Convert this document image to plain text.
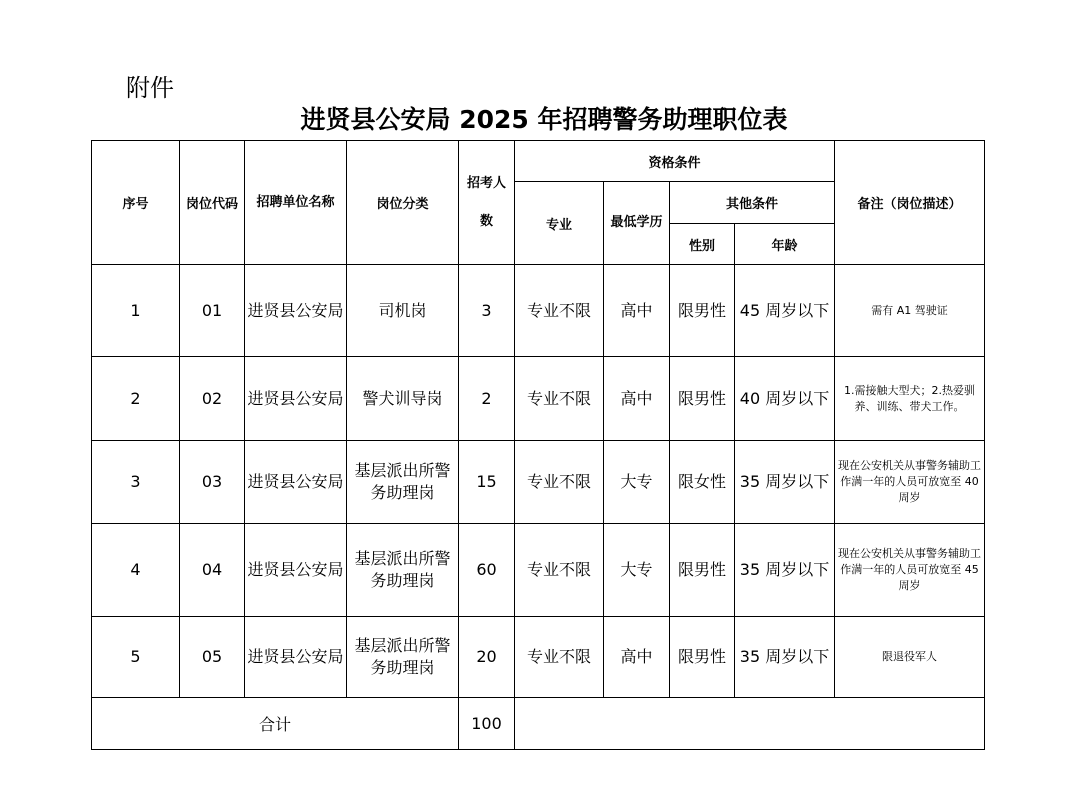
附件
进贤县公安局 2025 年招聘警务助理职位表
序号	岗位代码	招聘单位名称	岗位分类	招考人数	资格条件				备注（岗位描述）
					专业	最低学历	其他条件		
							性别	年龄	
1	01	进贤县公安局	司机岗	3	专业不限	高中	限男性	45 周岁以下	需有 A1 驾驶证
2	02	进贤县公安局	警犬训导岗	2	专业不限	高中	限男性	40 周岁以下	1.需接触大型犬；2.热爱驯养、训练、带犬工作。
3	03	进贤县公安局	基层派出所警务助理岗	15	专业不限	大专	限女性	35 周岁以下	现在公安机关从事警务辅助工作满一年的人员可放宽至 40 周岁
4	04	进贤县公安局	基层派出所警务助理岗	60	专业不限	大专	限男性	35 周岁以下	现在公安机关从事警务辅助工作满一年的人员可放宽至 45 周岁
5	05	进贤县公安局	基层派出所警务助理岗	20	专业不限	高中	限男性	35 周岁以下	限退役军人
合计				100					
